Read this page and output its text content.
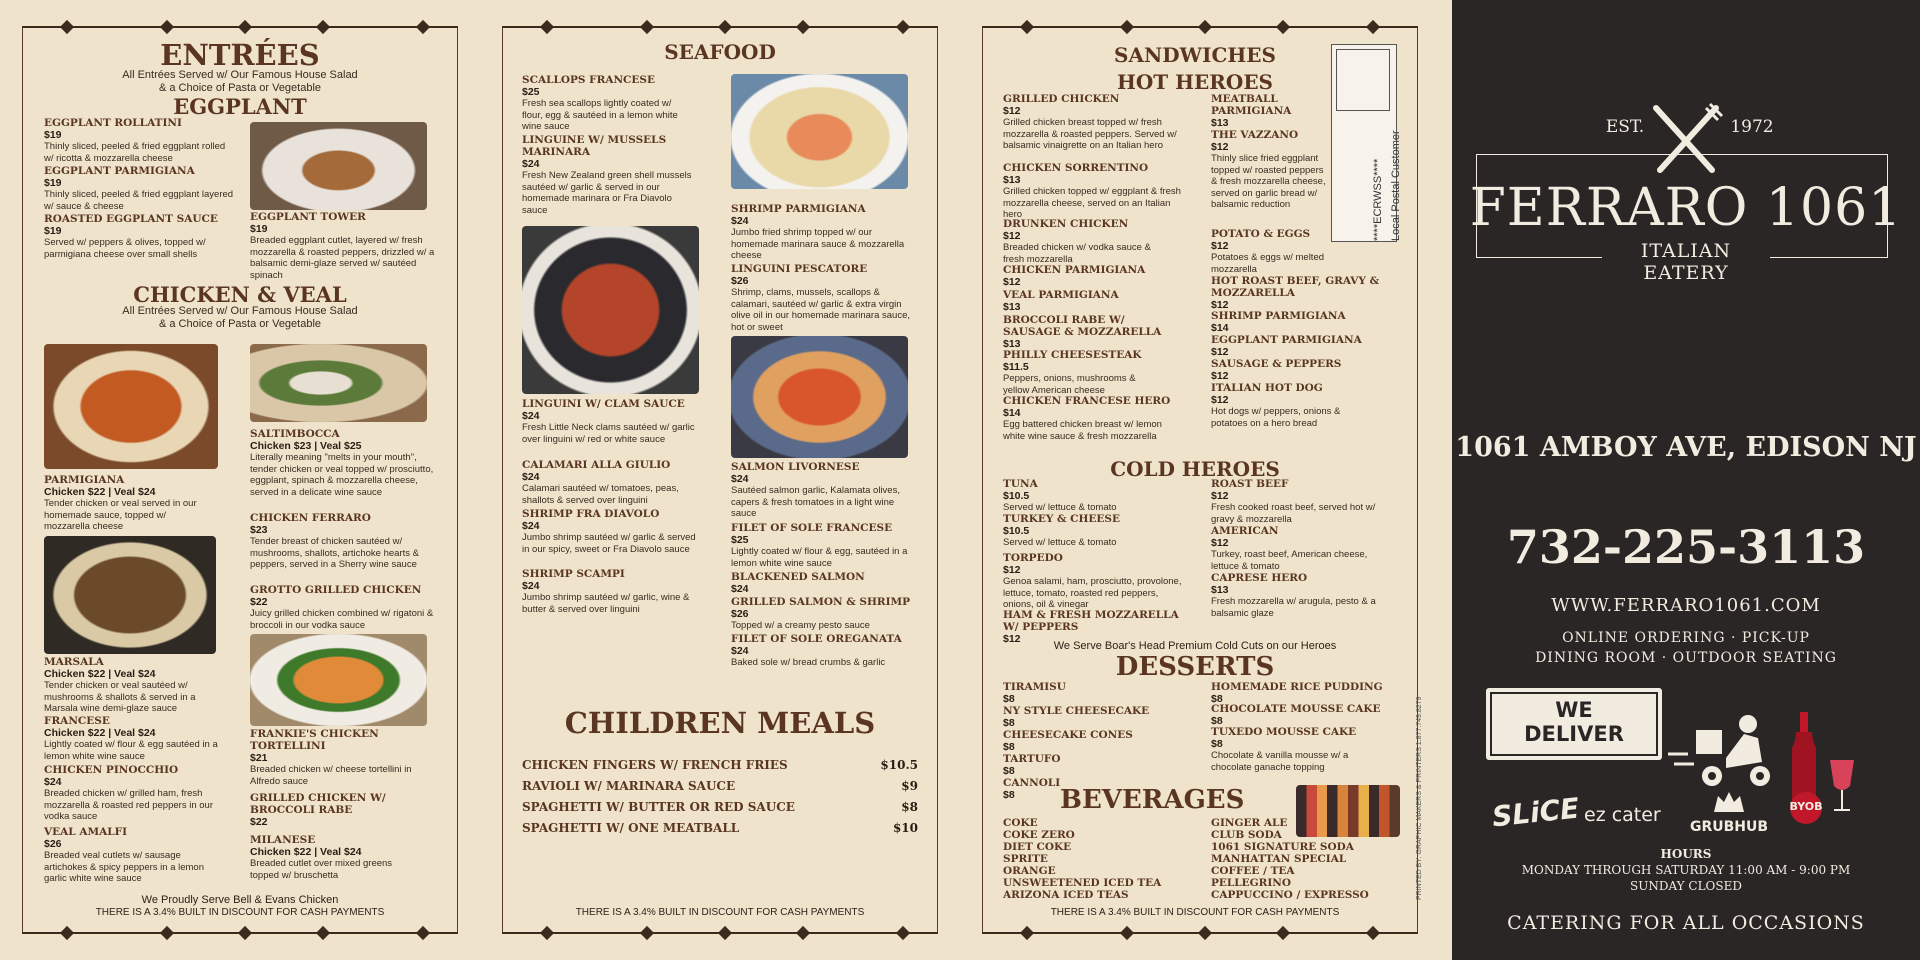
ENTRÉES
All Entrées Served w/ Our Famous House Salad
& a Choice of Pasta or Vegetable
EGGPLANT
EGGPLANT ROLLATINI
$19
Thinly sliced, peeled & fried eggplant rolled w/ ricotta & mozzarella cheese
EGGPLANT PARMIGIANA
$19
Thinly sliced, peeled & fried eggplant layered w/ sauce & cheese
ROASTED EGGPLANT SAUCE
$19
Served w/ peppers & olives, topped w/ parmigiana cheese over small shells
EGGPLANT TOWER
$19
Breaded eggplant cutlet, layered w/ fresh mozzarella & roasted peppers, drizzled w/ a balsamic demi-glaze served w/ sautéed spinach
CHICKEN & VEAL
All Entrées Served w/ Our Famous House Salad
& a Choice of Pasta or Vegetable
PARMIGIANA
Chicken $22 | Veal $24
Tender chicken or veal served in our homemade sauce, topped w/ mozzarella cheese
SALTIMBOCCA
Chicken $23 | Veal $25
Literally meaning "melts in your mouth", tender chicken or veal topped w/ prosciutto, eggplant, spinach & mozzarella cheese, served in a delicate wine sauce
CHICKEN FERRARO
$23
Tender breast of chicken sautéed w/ mushrooms, shallots, artichoke hearts & peppers, served in a Sherry wine sauce
GROTTO GRILLED CHICKEN
$22
Juicy grilled chicken combined w/ rigatoni & broccoli in our vodka sauce
MARSALA
Chicken $22 | Veal $24
Tender chicken or veal sautéed w/ mushrooms & shallots & served in a Marsala wine demi-glaze sauce
FRANCESE
Chicken $22 | Veal $24
Lightly coated w/ flour & egg sautéed in a lemon white wine sauce
CHICKEN PINOCCHIO
$24
Breaded chicken w/ grilled ham, fresh mozzarella & roasted red peppers in our vodka sauce
VEAL AMALFI
$26
Breaded veal cutlets w/ sausage artichokes & spicy peppers in a lemon garlic white wine sauce
FRANKIE'S CHICKEN TORTELLINI
$21
Breaded chicken w/ cheese tortellini in Alfredo sauce
GRILLED CHICKEN W/ BROCCOLI RABE
$22
MILANESE
Chicken $22 | Veal $24
Breaded cutlet over mixed greens topped w/ bruschetta
We Proudly Serve Bell & Evans Chicken
THERE IS A 3.4% BUILT IN DISCOUNT FOR CASH PAYMENTS
SEAFOOD
SCALLOPS FRANCESE
$25
Fresh sea scallops lightly coated w/ flour, egg & sautéed in a lemon white wine sauce
LINGUINE W/ MUSSELS MARINARA
$24
Fresh New Zealand green shell mussels sautéed w/ garlic & served in our homemade marinara or Fra Diavolo sauce
LINGUINI W/ CLAM SAUCE
$24
Fresh Little Neck clams sautéed w/ garlic over linguini w/ red or white sauce
CALAMARI ALLA GIULIO
$24
Calamari sautéed w/ tomatoes, peas, shallots & served over linguini
SHRIMP FRA DIAVOLO
$24
Jumbo shrimp sautéed w/ garlic & served in our spicy, sweet or Fra Diavolo sauce
SHRIMP SCAMPI
$24
Jumbo shrimp sautéed w/ garlic, wine & butter & served over linguini
SHRIMP PARMIGIANA
$24
Jumbo fried shrimp topped w/ our homemade marinara sauce & mozzarella cheese
LINGUINI PESCATORE
$26
Shrimp, clams, mussels, scallops & calamari, sautéed w/ garlic & extra virgin olive oil in our homemade marinara sauce, hot or sweet
SALMON LIVORNESE
$24
Sautéed salmon garlic, Kalamata olives, capers & fresh tomatoes in a light wine sauce
FILET OF SOLE FRANCESE
$25
Lightly coated w/ flour & egg, sautéed in a lemon white wine sauce
BLACKENED SALMON
$24
GRILLED SALMON & SHRIMP
$26
Topped w/ a creamy pesto sauce
FILET OF SOLE OREGANATA
$24
Baked sole w/ bread crumbs & garlic
CHILDREN MEALS
CHICKEN FINGERS W/ FRENCH FRIES	$10.5
RAVIOLI W/ MARINARA SAUCE	$9
SPAGHETTI W/ BUTTER OR RED SAUCE	$8
SPAGHETTI W/ ONE MEATBALL	$10
THERE IS A 3.4% BUILT IN DISCOUNT FOR CASH PAYMENTS
SANDWICHES
HOT HEROES
GRILLED CHICKEN
$12
Grilled chicken breast topped w/ fresh mozzarella & roasted peppers. Served w/ balsamic vinaigrette on an Italian hero
CHICKEN SORRENTINO
$13
Grilled chicken topped w/ eggplant & fresh mozzarella cheese, served on an Italian hero
DRUNKEN CHICKEN
$12
Breaded chicken w/ vodka sauce & fresh mozzarella
CHICKEN PARMIGIANA
$12
VEAL PARMIGIANA
$13
BROCCOLI RABE W/ SAUSAGE & MOZZARELLA
$13
PHILLY CHEESESTEAK
$11.5
Peppers, onions, mushrooms & yellow American cheese
CHICKEN FRANCESE HERO
$14
Egg battered chicken breast w/ lemon white wine sauce & fresh mozzarella
MEATBALL PARMIGIANA
$13
THE VAZZANO
$12
Thinly slice fried eggplant topped w/ roasted peppers & fresh mozzarella cheese, served on garlic bread w/ balsamic reduction
POTATO & EGGS
$12
Potatoes & eggs w/ melted mozzarella
HOT ROAST BEEF, GRAVY & MOZZARELLA
$12
SHRIMP PARMIGIANA
$14
EGGPLANT PARMIGIANA
$12
SAUSAGE & PEPPERS
$12
ITALIAN HOT DOG
$12
Hot dogs w/ peppers, onions & potatoes on a hero bread
COLD HEROES
TUNA
$10.5
Served w/ lettuce & tomato
TURKEY & CHEESE
$10.5
Served w/ lettuce & tomato
TORPEDO
$12
Genoa salami, ham, prosciutto, provolone, lettuce, tomato, roasted red peppers, onions, oil & vinegar
HAM & FRESH MOZZARELLA W/ PEPPERS
$12
ROAST BEEF
$12
Fresh cooked roast beef, served hot w/ gravy & mozzarella
AMERICAN
$12
Turkey, roast beef, American cheese, lettuce & tomato
CAPRESE HERO
$13
Fresh mozzarella w/ arugula, pesto & a balsamic glaze
We Serve Boar's Head Premium Cold Cuts on our Heroes
DESSERTS
TIRAMISU
$8
NY STYLE CHEESECAKE
$8
CHEESECAKE CONES
$8
TARTUFO
$8
CANNOLI
$8
HOMEMADE RICE PUDDING
$8
CHOCOLATE MOUSSE CAKE
$8
TUXEDO MOUSSE CAKE
$8
Chocolate & vanilla mousse w/ a chocolate ganache topping
BEVERAGES
COKE
COKE ZERO
DIET COKE
SPRITE
ORANGE
UNSWEETENED ICED TEA
ARIZONA ICED TEAS
GINGER ALE
CLUB SODA
1061 SIGNATURE SODA
MANHATTAN SPECIAL
COFFEE / TEA
PELLEGRINO
CAPPUCCINO / EXPRESSO
THERE IS A 3.4% BUILT IN DISCOUNT FOR CASH PAYMENTS
****ECRWSS**** Local Postal Customer
PRINTED BY: GRAPHIC MAKERS & PRINTERS 1.877.749.8279
EST.	1972
FERRARO 1061
ITALIAN EATERY
1061 AMBOY AVE, EDISON NJ
732-225-3113
WWW.FERRARO1061.COM
ONLINE ORDERING · PICK-UP
DINING ROOM · OUTDOOR SEATING
WE
DELIVER
SLiCE ez cater
GRUBHUB
BYOB
HOURS
MONDAY THROUGH SATURDAY 11:00 AM - 9:00 PM
SUNDAY CLOSED
CATERING FOR ALL OCCASIONS
